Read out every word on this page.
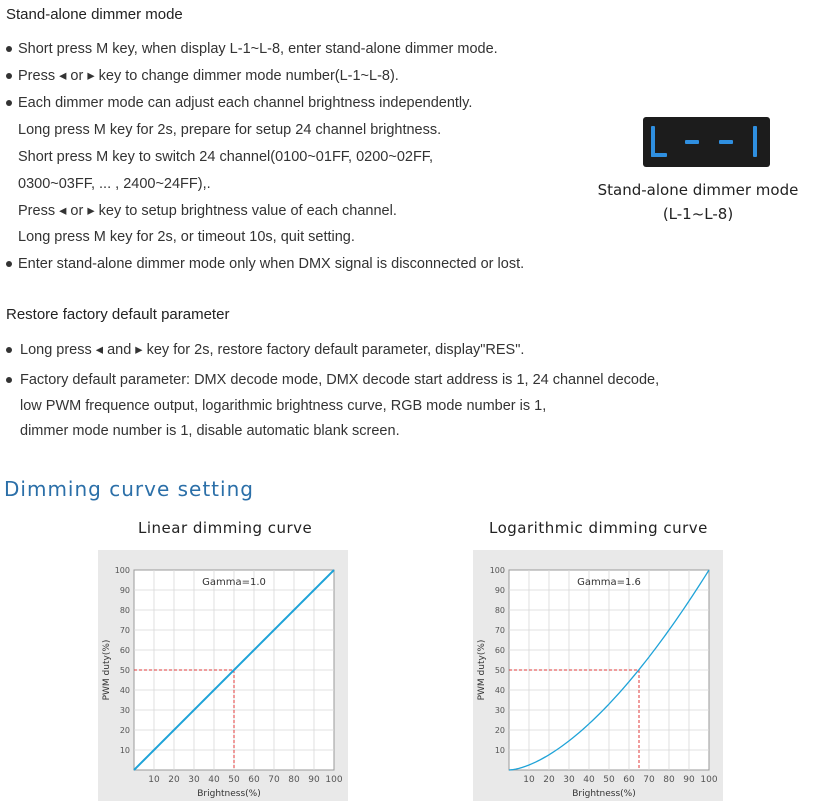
Stand-alone dimmer mode
Short press M key, when display L-1~L-8, enter stand-alone dimmer mode.
Press ◂ or ▸ key to change dimmer mode number(L-1~L-8).
Each dimmer mode can adjust each channel brightness independently.
Long press M key for 2s, prepare for setup 24 channel brightness.
Short press M key to switch 24 channel(0100~01FF, 0200~02FF,
0300~03FF, ... , 2400~24FF),.
Press ◂ or ▸ key to setup brightness value of each channel.
Long press M key for 2s, or timeout 10s, quit setting.
Enter stand-alone dimmer mode only when DMX signal is disconnected or lost.
Stand-alone dimmer mode
(L-1~L-8)
Restore factory default parameter
Long press ◂ and ▸ key for 2s, restore factory default parameter, display"RES".
Factory default parameter: DMX decode mode, DMX decode start address is 1, 24 channel decode,
low PWM frequence output, logarithmic brightness curve, RGB mode number is 1,
dimmer mode number is 1, disable automatic blank screen.
Dimming curve setting
Linear dimming curve	Logarithmic dimming curve
10 20 30 40 50 60 70 80 90 100
10
20
30
40
50
60
70
80
90
100
Brightness(%)
PWM duty(%)
Gamma=1.0
10 20 30 40 50 60 70 80 90 100
10
20
30
40
50
60
70
80
90
100
Brightness(%)
PWM duty(%)
Gamma=1.6
